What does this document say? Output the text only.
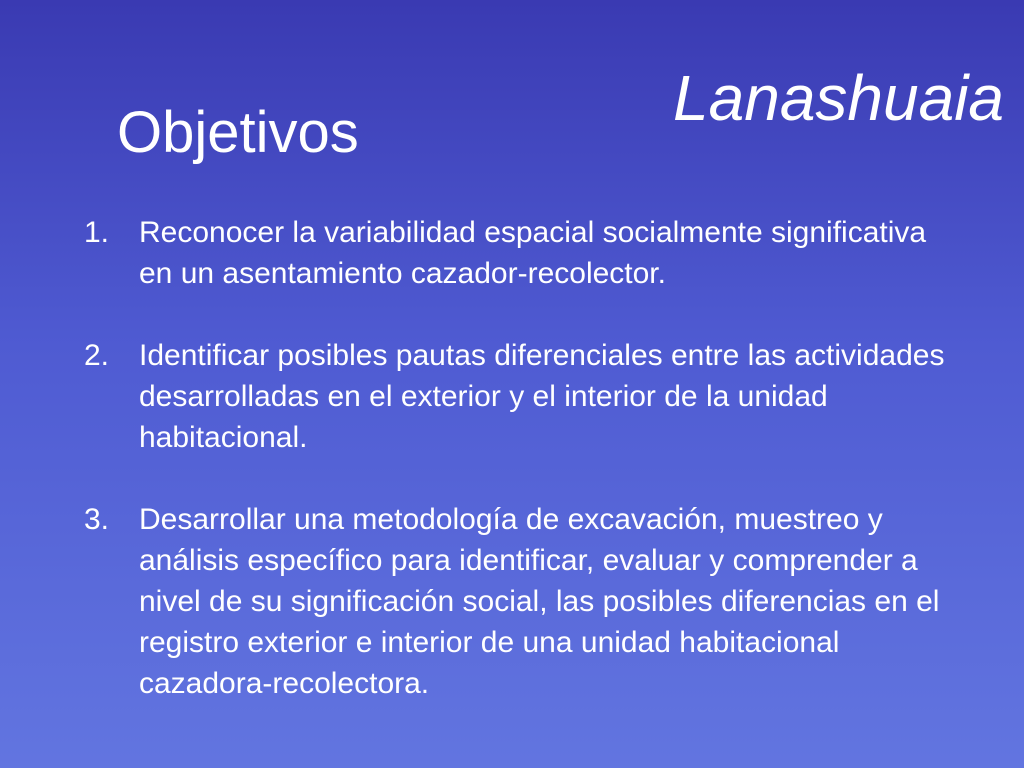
Lanashuaia
Objetivos
1. Reconocer la variabilidad espacial socialmente significativa en un asentamiento cazador-recolector.
2. Identificar posibles pautas diferenciales entre las actividades desarrolladas en el exterior y el interior de la unidad habitacional.
3. Desarrollar una metodología de excavación, muestreo y análisis específico para identificar, evaluar y comprender a nivel de su significación social, las posibles diferencias en el registro exterior e interior de una unidad habitacional cazadora-recolectora.
